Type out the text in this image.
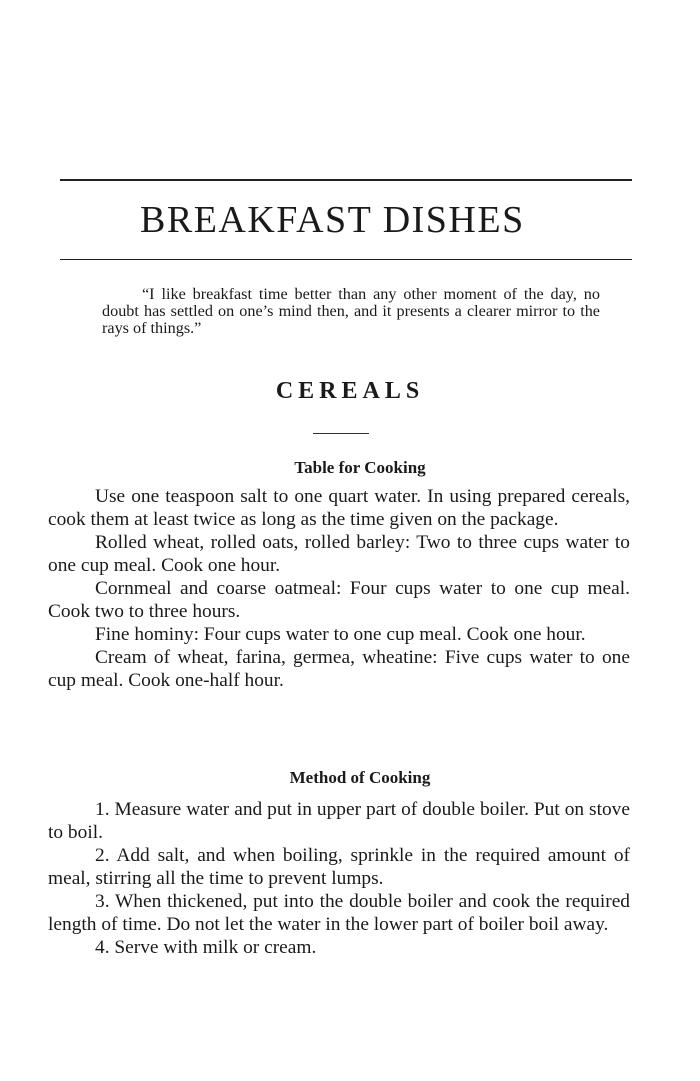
BREAKFAST DISHES

“I like breakfast time better than any other moment of the day, no doubt has settled on one’s mind then, and it presents a clearer mirror to the rays of things.”

CEREALS
Table for Cooking

Use one teaspoon salt to one quart water. In using prepared cereals, cook them at least twice as long as the time given on the package.

Rolled wheat, rolled oats, rolled barley: Two to three cups water to one cup meal. Cook one hour.

Cornmeal and coarse oatmeal: Four cups water to one cup meal. Cook two to three hours.

Fine hominy: Four cups water to one cup meal. Cook one hour.

Cream of wheat, farina, germea, wheatine: Five cups water to one cup meal. Cook one-half hour.

Method of Cooking

1. Measure water and put in upper part of double boiler. Put on stove to boil.

2. Add salt, and when boiling, sprinkle in the required amount of meal, stirring all the time to prevent lumps.

3. When thickened, put into the double boiler and cook the required length of time. Do not let the water in the lower part of boiler boil away.

4. Serve with milk or cream.
